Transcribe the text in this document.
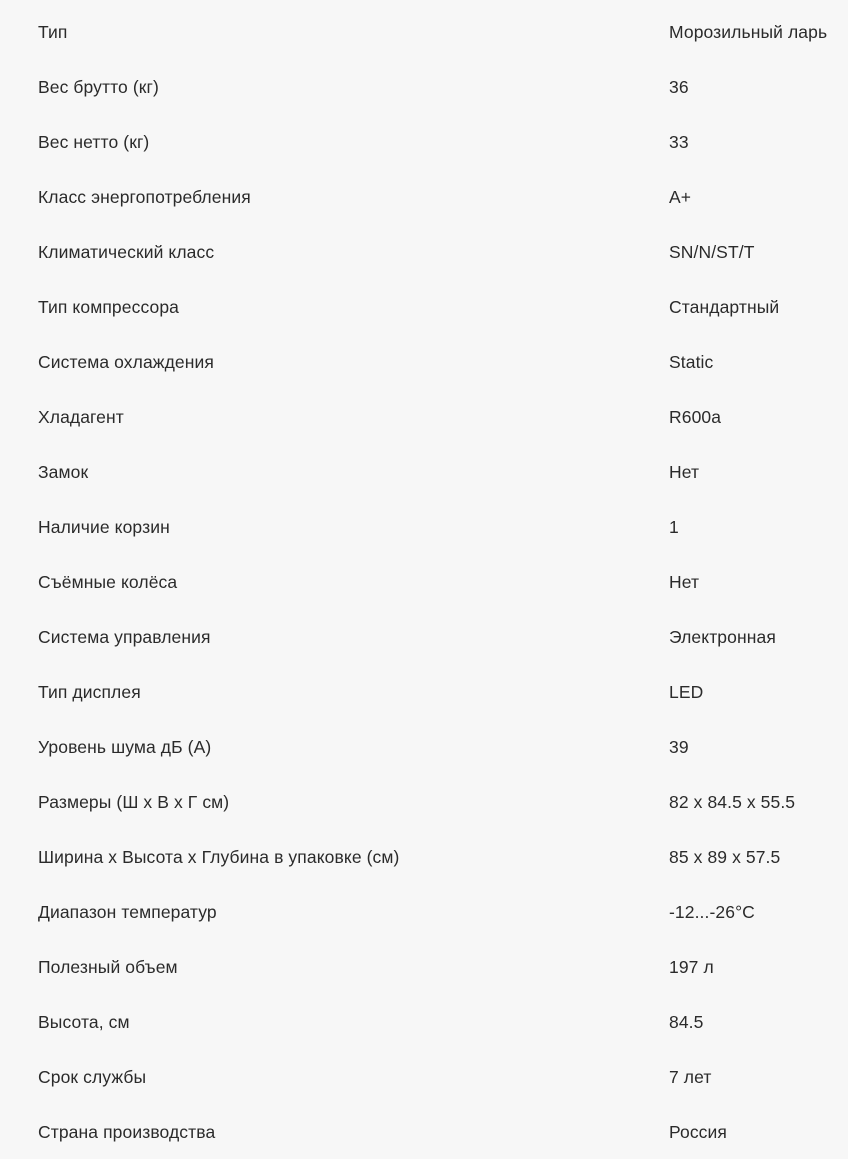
Тип	Морозильный ларь
Вес брутто (кг)	36
Вес нетто (кг)	33
Класс энергопотребления	A+
Климатический класс	SN/N/ST/T
Тип компрессора	Стандартный
Система охлаждения	Static
Хладагент	R600a
Замок	Нет
Наличие корзин	1
Съёмные колёса	Нет
Система управления	Электронная
Тип дисплея	LED
Уровень шума дБ (А)	39
Размеры (Ш x В x Г см)	82 x 84.5 x 55.5
Ширина x Высота x Глубина в упаковке (см)	85 x 89 x 57.5
Диапазон температур	-12...-26°C
Полезный объем	197 л
Высота, см	84.5
Срок службы	7 лет
Страна производства	Россия
